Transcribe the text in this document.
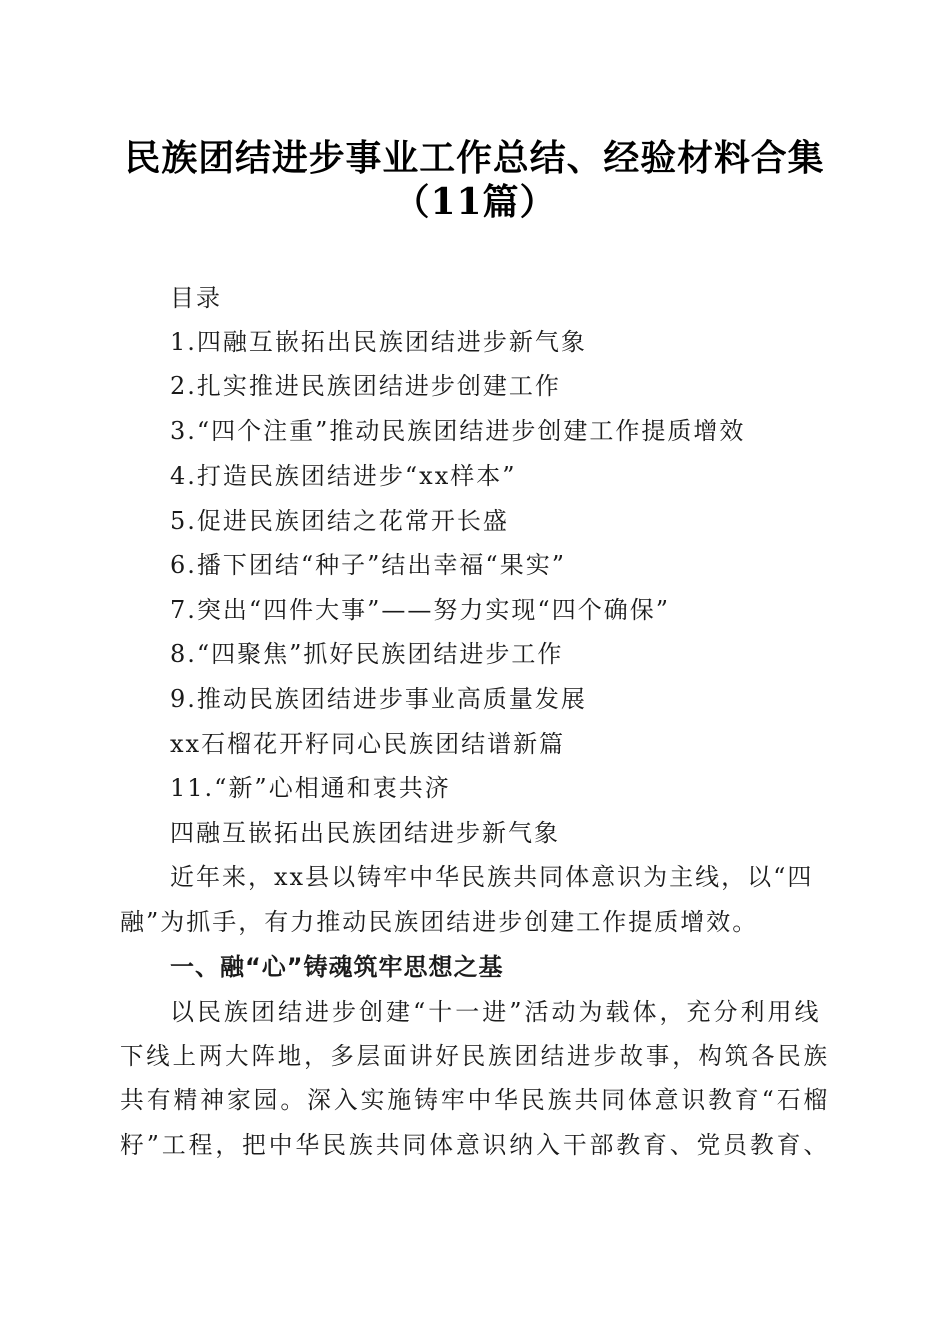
民族团结进步事业工作总结、经验材料合集
（11篇）
目录
1.四融互嵌拓出民族团结进步新气象
2.扎实推进民族团结进步创建工作
3.“四个注重”推动民族团结进步创建工作提质增效
4.打造民族团结进步“xx样本”
5.促进民族团结之花常开长盛
6.播下团结“种子”结出幸福“果实”
7.突出“四件大事”——努力实现“四个确保”
8.“四聚焦”抓好民族团结进步工作
9.推动民族团结进步事业高质量发展
xx石榴花开籽同心民族团结谱新篇
11.“新”心相通和衷共济
四融互嵌拓出民族团结进步新气象
近年来，xx县以铸牢中华民族共同体意识为主线，以“四
融”为抓手，有力推动民族团结进步创建工作提质增效。
一、融“心”铸魂筑牢思想之基
以民族团结进步创建“十一进”活动为载体，充分利用线
下线上两大阵地，多层面讲好民族团结进步故事，构筑各民族
共有精神家园。深入实施铸牢中华民族共同体意识教育“石榴
籽”工程，把中华民族共同体意识纳入干部教育、党员教育、
